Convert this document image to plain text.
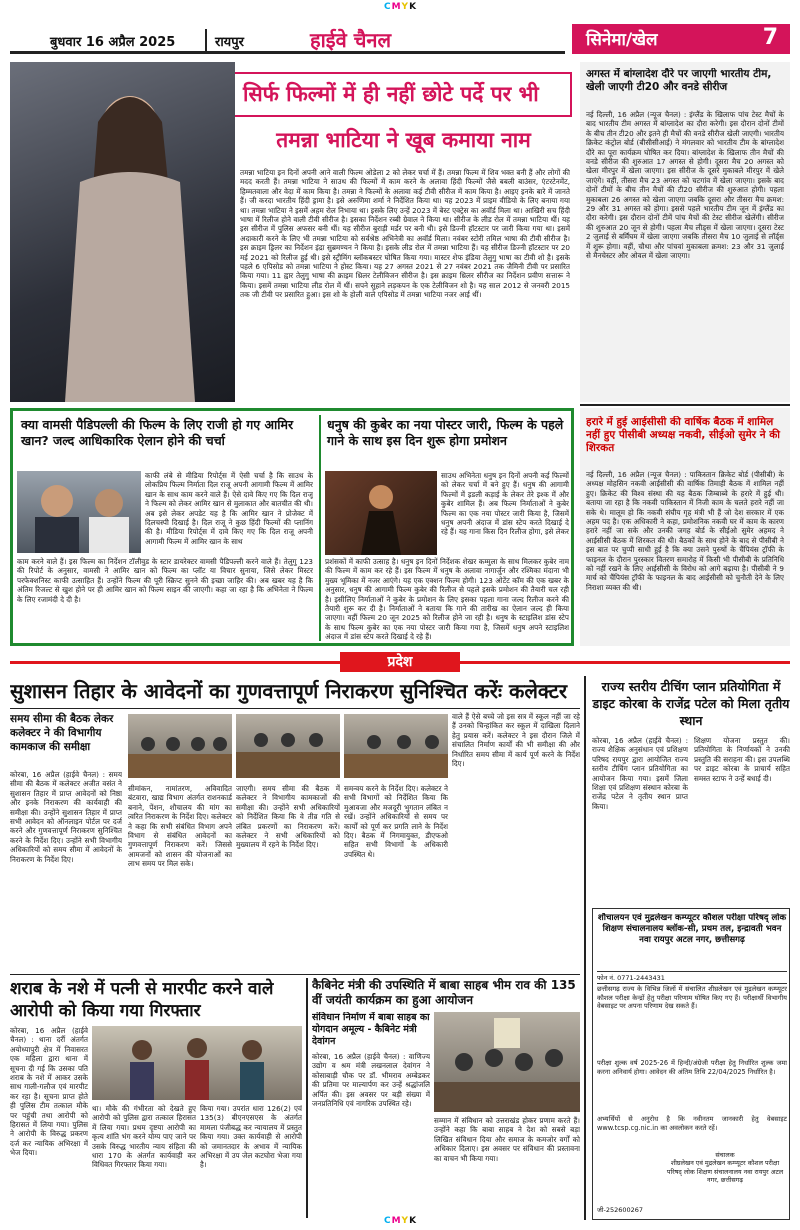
CMYK
बुधवार 16 अप्रैल 2025	रायपुर	हाईवे चैनल	सिनेमा/खेल	7
सिर्फ फिल्मों में ही नहीं छोटे पर्दे पर भी
तमन्ना भाटिया ने खूब कमाया नाम
तमन्ना भाटिया इन दिनों अपनी आने वाली फिल्म ओडेला 2 को लेकर चर्चा में हैं। तमन्ना फिल्म में शिव भक्त बनी हैं और लोगों की मदद करती हैं। तमन्ना भाटिया ने साउथ की फिल्मों में काम करने के अलावा हिंदी फिल्मों जैसे बबली बाउंसर, एंटरटेनमेंट, हिम्मतवाला और वेदा में काम किया है। तमन्ना ने फिल्मों के अलावा कई टीवी सीरीज में काम किया है। आइए इनके बारे में जानते हैं। जी करदा भारतीय हिंदी ड्रामा है। इसे अरुणिमा शर्मा ने निर्देशित किया था। यह 2023 में प्राइम वीडियो के लिए बनाया गया था। तमन्ना भाटिया ने इसमें अहम रोल निभाया था। इसके लिए उन्हें 2023 में बेस्ट एक्ट्रेस का अवॉर्ड मिला था। आखिरी सच हिंदी भाषा में रिलीज होने वाली टीवी सीरीज है। इसका निर्देशन रब्बी ग्रेवाल ने किया था। सीरीज के लीड रोल में तमन्ना भाटिया थीं। यह इस सीरीज में पुलिस अफसर बनी थीं। यह सीरीज बुराड़ी मर्डर पर बनी थी। इसे डिज्नी हॉटस्टार पर जारी किया गया था। इसमें अदाकारी करने के लिए भी तमन्ना भाटिया को सर्वश्रेष्ठ अभिनेत्री का अवॉर्ड मिला। नवंबर स्टोरी तमिल भाषा की टीवी सीरीज है। इस क्राइम ड्रिलर का निर्देशन इंद्रा सुब्रमण्यन ने किया है। इसके लीड रोल में तमन्ना भाटिया हैं। यह सीरीज डिज्नी हॉटस्टार पर 20 मई 2021 को रिलीज हुई थी। इसे स्ट्रीमिंग ब्लॉकबस्टर घोषित किया गया। मास्टर शेफ इंडिया तेलुगु भाषा का टीवी शो है। इसके पहले 6 एपिसोड को तमन्ना भाटिया ने होस्ट किया। यह 27 अगस्त 2021 से 27 नवंबर 2021 तक जैमिनी टीवी पर प्रसारित किया गया। 11 ह्वार तेलुगु भाषा की क्राइम थ्रिलर टेलीविजन सीरीज है। इस क्राइम थ्रिलर सीरीज का निर्देशन प्रवीण सत्तारू ने किया। इसमें तमन्ना भाटिया लीड रोल में थीं। सपने सुहाने लड़कपन के एक टेलीविजन शो है। यह साल 2012 से जनवरी 2015 तक जी टीवी पर प्रसारित हुआ। इस शो के होली वाले एपिसोड में तमन्ना भाटिया नजर आई थीं।
अगस्त में बांग्लादेश दौरे पर जाएगी भारतीय टीम, खेली जाएगी टी20 और वनडे सीरीज
नई दिल्ली, 16 अप्रैल (न्यूज चैनल) : इंग्लैंड के खिलाफ पांच टेस्ट मैचों के बाद भारतीय टीम अगस्त में बांग्लादेश का दौरा करेगी। इस दौरान दोनों टीमों के बीच तीन टी20 और इतने ही मैचों की वनडे सीरीज खेली जाएगी। भारतीय क्रिकेट कंट्रोल बोर्ड (बीसीसीआई) ने मंगलवार को भारतीय टीम के बांग्लादेश दौरे का पूरा कार्यक्रम घोषित कर दिया। बांग्लादेश के खिलाफ तीन मैचों की वनडे सीरीज की शुरुआत 17 अगस्त से होगी। दूसरा मैच 20 अगस्त को खेला मीरपुर में खेला जाएगा। इस सीरीज के दूसरे मुकाबले मीरपुर में खेले जाएंगे। वहीं, तीसरा मैच 23 अगस्त को चटगांव में खेला जाएगा। इसके बाद दोनों टीमों के बीच तीन मैचों की टी20 सीरीज की शुरुआत होगी। पहला मुकाबला 26 अगस्त को खेला जाएगा जबकि दूसरा और तीसरा मैच क्रमश: 29 और 31 अगस्त को होगा। इससे पहले भारतीय टीम जून में इंग्लैंड का दौरा करेगी। इस दौरान दोनों टीमें पांच मैचों की टेस्ट सीरीज खेलेंगी। सीरीज की शुरुआत 20 जून से होगी। पहला मैच लीड्स में खेला जाएगा। दूसरा टेस्ट 2 जुलाई से बर्मिंघम में खेला जाएगा जबकि तीसरा मैच 10 जुलाई से लॉर्ड्स में शुरू होगा। वहीं, चौथा और पांचवां मुकाबला क्रमश: 23 और 31 जुलाई से मैनचेस्टर और ओवल में खेला जाएगा।
हरारे में हुई आईसीसी की वार्षिक बैठक में शामिल नहीं हुए पीसीबी अध्यक्ष नकवी, सीईओ सुमेर ने की शिरकत
नई दिल्ली, 16 अप्रैल (न्यूज चैनल) : पाकिस्तान क्रिकेट बोर्ड (पीसीबी) के अध्यक्ष मोहसिन नकवी आईसीसी की वार्षिक तिमाही बैठक में शामिल नहीं हुए। क्रिकेट की विश्व संस्था की यह बैठक जिम्बाब्वे के हरारे में हुई थी। बताया जा रहा है कि नकवी पाकिस्तान में निजी काम के चलते हरारे नहीं जा सके थे। मालूम हो कि नकवी संघीय गृह मंत्री भी हैं जो देश सरकार में एक अहम पद है। एक अधिकारी ने कहा, प्रमोशनिक नकवी घर में काम के कारण हरारे नहीं जा सके और उनकी जगह बोर्ड के सीईओ सुमेर अहमद ने आईसीसी बैठक में शिरकत की थी। बैठकों के साथ होने के बाद से पीसीबी ने इस बात पर चुप्पी साधी हुई है कि क्या उसने पुरुषों के चैंपियंस ट्रॉफी के फाइनल के दौरान पुरस्कार वितरण समारोह में किसी भी पीसीबी के प्रतिनिधि को नहीं रखने के लिए आईसीसी के विरोध को आगे बढ़ाया है। पीसीबी ने 9 मार्च को चैंपियंस ट्रॉफी के फाइनल के बाद आईसीसी को चुनौती देने के लिए निराशा व्यक्त की थी।
क्या वामसी पैडिपल्ली की फिल्म के लिए राजी हो गए आमिर खान? जल्द आधिकारिक ऐलान होने की चर्चा
काफी लंबे से मीडिया रिपोर्ट्स में ऐसी चर्चा है कि साउथ के लोकप्रिय फिल्म निर्माता दिल राजू अपनी आगामी फिल्म में आमिर खान के साथ काम करने वाले हैं। ऐसे दावे किए गए कि दिल राजू ने फिल्म को लेकर आमिर खान से मुलाकात और बातचीत की थी। अब इसे लेकर अपडेट यह है कि आमिर खान ने प्रोजेक्ट में दिलचस्पी दिखाई है। दिल राजू ने कुछ हिंदी फिल्मों की प्लानिंग की है। मीडिया रिपोर्ट्स में दावे किए गए कि दिल राजू अपनी आगामी फिल्म में आमिर खान के साथ
काम करने वाले हैं। इस फिल्म का निर्देशन टॉलीवुड के स्टार डायरेक्टर वामसी पैडिपल्ली करने वाले हैं। तेलुगु 123 की रिपोर्ट के अनुसार, वामसी ने आमिर खान को फिल्म का प्लॉट या विचार सुनाया, जिसे लेकर मिस्टर परफेक्शनिस्ट काफी उत्साहित हैं। उन्होंने फिल्म की पूरी स्क्रिप्ट सुनने की इच्छा जाहिर की। अब खबर यह है कि अंतिम रिजल्ट से खुश होने पर ही आमिर खान को फिल्म साइन की जाएगी। कहा जा रहा है कि अभिनेता ने फिल्म के लिए रजामंदी दे दी है।
धनुष की कुबेर का नया पोस्टर जारी, फिल्म के पहले गाने के साथ इस दिन शुरू होगा प्रमोशन
साउथ अभिनेता धनुष इन दिनों अपनी कई फिल्मों को लेकर चर्चा में बने हुए हैं। धनुष की आगामी फिल्मों में इडली कड़ाई के लेकर तेरे इश्क में और कुबेर शामिल हैं। अब फिल्म निर्माताओं ने कुबेर फिल्म का एक नया पोस्टर जारी किया है, जिसमें धनुष अपनी अंदाज में डांस स्टेप करते दिखाई दे रहे हैं। यह गाना किस दिन रिलीज होगा, इसे लेकर
प्रशंसकों में काफी उत्साह है। धनुष इन दिनों निर्देशक शेखर कम्मुला के साथ मिलकर कुबेर नाम की फिल्म में काम कर रहे हैं। इस फिल्म में धनुष के अलावा नागार्जुन और रश्मिका मंदाना भी मुख्य भूमिका में नजर आएंगे। यह एक एक्शन फिल्म होगी। 123 ओटेंट कॉम की एक खबर के अनुसार, धनुष की आगामी फिल्म कुबेर की रिलीज से पहले इसके प्रमोशन की तैयारी चल रही है। इसीलिए निर्माताओं ने कुबेर के प्रमोशन के लिए इसका पहला गाना जल्द रिलीज करने की तैयारी शुरू कर दी है। निर्माताओं ने बताया कि गाने की तारीख का ऐलान जल्द ही किया जाएगा। वहीं फिल्म 20 जून 2025 को रिलीज होने जा रही है। धनुष के स्टाइलिश डांस स्टेप के साथ फिल्म कुबेर का एक नया पोस्टर जारी किया गया है, जिसमें धनुष अपने स्टाइलिश अंदाज में डांस स्टेप करते दिखाई दे रहे हैं।
प्रदेश
सुशासन तिहार के आवेदनों का गुणवत्तापूर्ण निराकरण सुनिश्चित करेंः कलेक्टर
समय सीमा की बैठक लेकर कलेक्टर ने की विभागीय कामकाज की समीक्षा
कोरबा, 16 अप्रैल (हाईवे चैनल) : समय सीमा की बैठक में कलेक्टर अजीत वसंत ने सुशासन तिहार में प्राप्त आवेदनों को निष्ठा और इनके निराकरण की कार्यवाही की समीक्षा की। उन्होंने सुशासन तिहार में प्राप्त सभी आवेदन को ऑनलाइन पोर्टल पर दर्ज करने और गुणवत्तापूर्ण निराकरण सुनिश्चित करने के निर्देश दिए। उन्होंने सभी विभागीय अधिकारियों को समय सीमा में आवेदनों के निराकरण के निर्देश दिए।
सीमांकन, नामांतरण, अविवादित बंटवारा, खाद्य विभाग अंतर्गत राशनकार्ड बनाने, पेंशन, शौचालय की मांग का त्वरित निराकरण के निर्देश दिए। कलेक्टर ने कहा कि सभी संबंधित विभाग अपने विभाग से संबंधित आवेदनों का गुणवत्तापूर्ण निराकरण करें। जिससे आमजनों को शासन की योजनाओं का लाभ समय पर मिल सके।
जाएगी। समय सीमा की बैठक में कलेक्टर ने विभागीय कामकाजों की समीक्षा की। उन्होंने सभी अधिकारियों को निर्देशित किया कि वे तीव्र गति से लंबित प्रकरणों का निराकरण करें। कलेक्टर ने सभी अधिकारियों को मुख्यालय में रहने के निर्देश दिए।
वाले हैं ऐसे बच्चे जो इस सत्र में स्कूल नहीं जा रहे हैं उनको चिन्हांकित कर स्कूल में दाखिला दिलाने हेतु प्रयास करें। कलेक्टर ने इस दौरान जिले में संचालित निर्माण कार्यों की भी समीक्षा की और निर्धारित समय सीमा में कार्य पूर्ण करने के निर्देश दिए।
समन्वय करने के निर्देश दिए। कलेक्टर ने सभी विभागों को निर्देशित किया कि मुआवजा और मजदूरी भुगतान लंबित न रखें। उन्होंने अधिकारियों से समय पर कार्यों को पूर्ण कर प्रगति लाने के निर्देश दिए। बैठक में निगमायुक्त, डीएफओ सहित सभी विभागों के अधिकारी उपस्थित थे।
शराब के नशे में पत्नी से मारपीट करने वाले आरोपी को किया गया गिरफ्तार
कोरबा, 16 अप्रैल (हाईवे चैनल) : थाना दर्री अंतर्गत अयोध्यापुरी क्षेत्र में निवासरत एक महिला द्वारा थाना में सूचना दी गई कि उसका पति शराब के नशे में आकर उसके साथ गाली-गलौज एवं मारपीट कर रहा है। सूचना प्राप्त होते ही पुलिस टीम तत्काल मौके पर पहुंची तथा आरोपी को हिरासत में लिया गया। पुलिस ने आरोपी के विरुद्ध प्रकरण दर्ज कर न्यायिक अभिरक्षा में भेज दिया।
था। मौके की गंभीरता को देखते हुए आरोपी को पुलिस द्वारा तत्काल हिरासत में लिया गया। प्रथम दृष्टया आरोपी का कृत्य शांति भंग करने योग्य पाए जाने पर उसके विरुद्ध भारतीय न्याय संहिता की धारा 170 के अंतर्गत कार्यवाही कर विधिवत गिरफ्तार किया गया।
किया गया। उपरांत धारा 126(2) एवं 135(3) बीएनएसएस के अंतर्गत मामला पंजीबद्ध कर न्यायालय में प्रस्तुत किया गया। उक्त कार्यवाही से आरोपी को जमानतदार के अभाव में न्यायिक अभिरक्षा में उप जेल कटघोरा भेजा गया है।
कैबिनेट मंत्री की उपस्थिति में बाबा साहब भीम राव की 135 वीं जयंती कार्यक्रम का हुआ आयोजन
संविधान निर्माण में बाबा साहब का योगदान अमूल्य - कैबिनेट मंत्री देवांगन
कोरबा, 16 अप्रैल (हाईवे चैनल) : वाणिज्य उद्योग व श्रम मंत्री लखनलाल देवांगन ने कोसाबाड़ी चौक पर डॉ. भीमराव अम्बेडकर की प्रतिमा पर माल्यार्पण कर उन्हें श्रद्धांजलि अर्पित की। इस अवसर पर बड़ी संख्या में जनप्रतिनिधि एवं नागरिक उपस्थित रहे।
सम्मान में संविधान को उत्तराखंड होकर प्रणाम करते हैं। उन्होंने कहा कि बाबा साहब ने देश को सबसे बड़ा लिखित संविधान दिया और समाज के कमजोर वर्गों को अधिकार दिलाए। इस अवसर पर संविधान की प्रस्तावना का वाचन भी किया गया।
राज्य स्तरीय टीचिंग प्लान प्रतियोगिता में डाइट कोरबा के राजेंद्र पटेल को मिला तृतीय स्थान
कोरबा, 16 अप्रैल (हाईवे चैनल) : राज्य शैक्षिक अनुसंधान एवं प्रशिक्षण परिषद रायपुर द्वारा आयोजित राज्य स्तरीय टीचिंग प्लान प्रतियोगिता का आयोजन किया गया। इसमें जिला शिक्षा एवं प्रशिक्षण संस्थान कोरबा के राजेंद्र पटेल ने तृतीय स्थान प्राप्त किया।
शिक्षण योजना प्रस्तुत की। प्रतियोगिता के निर्णायकों ने उनकी प्रस्तुति की सराहना की। इस उपलब्धि पर डाइट कोरबा के प्राचार्य सहित समस्त स्टाफ ने उन्हें बधाई दी।
शौचालयन एवं मुद्रलेखन कम्प्यूटर कौशल परीक्षा परिषद् लोक शिक्षण संचालनालय ब्लॉक-सी, प्रथम तल, इन्द्रावती भवन नवा रायपुर अटल नगर, छत्तीसगढ़
फोन नं. 0771-2443431
छत्तीसगढ़ राज्य के विभिन्न जिलों में संचालित शीघ्रलेखन एवं मुद्रलेखन कम्प्यूटर कौशल परीक्षा केन्द्रों हेतु परीक्षा परिणाम घोषित किए गए हैं। परीक्षार्थी विभागीय वेबसाइट पर अपना परिणाम देख सकते हैं।
परीक्षा शुल्क वर्ष 2025-26 में हिन्दी/अंग्रेजी परीक्षा हेतु निर्धारित शुल्क जमा करना अनिवार्य होगा। आवेदन की अंतिम तिथि 22/04/2025 निर्धारित है।
अभ्यर्थियों से अनुरोध है कि नवीनतम जानकारी हेतु वेबसाइट www.tcsp.cg.nic.in का अवलोकन करते रहें।
संचालक
शीघ्रलेखन एवं मुद्रलेखन कम्प्यूटर कौशल परीक्षा परिषद् लोक शिक्षण संचालनालय नवा रायपुर अटल नगर, छत्तीसगढ़
जी-252600267
CMYK
